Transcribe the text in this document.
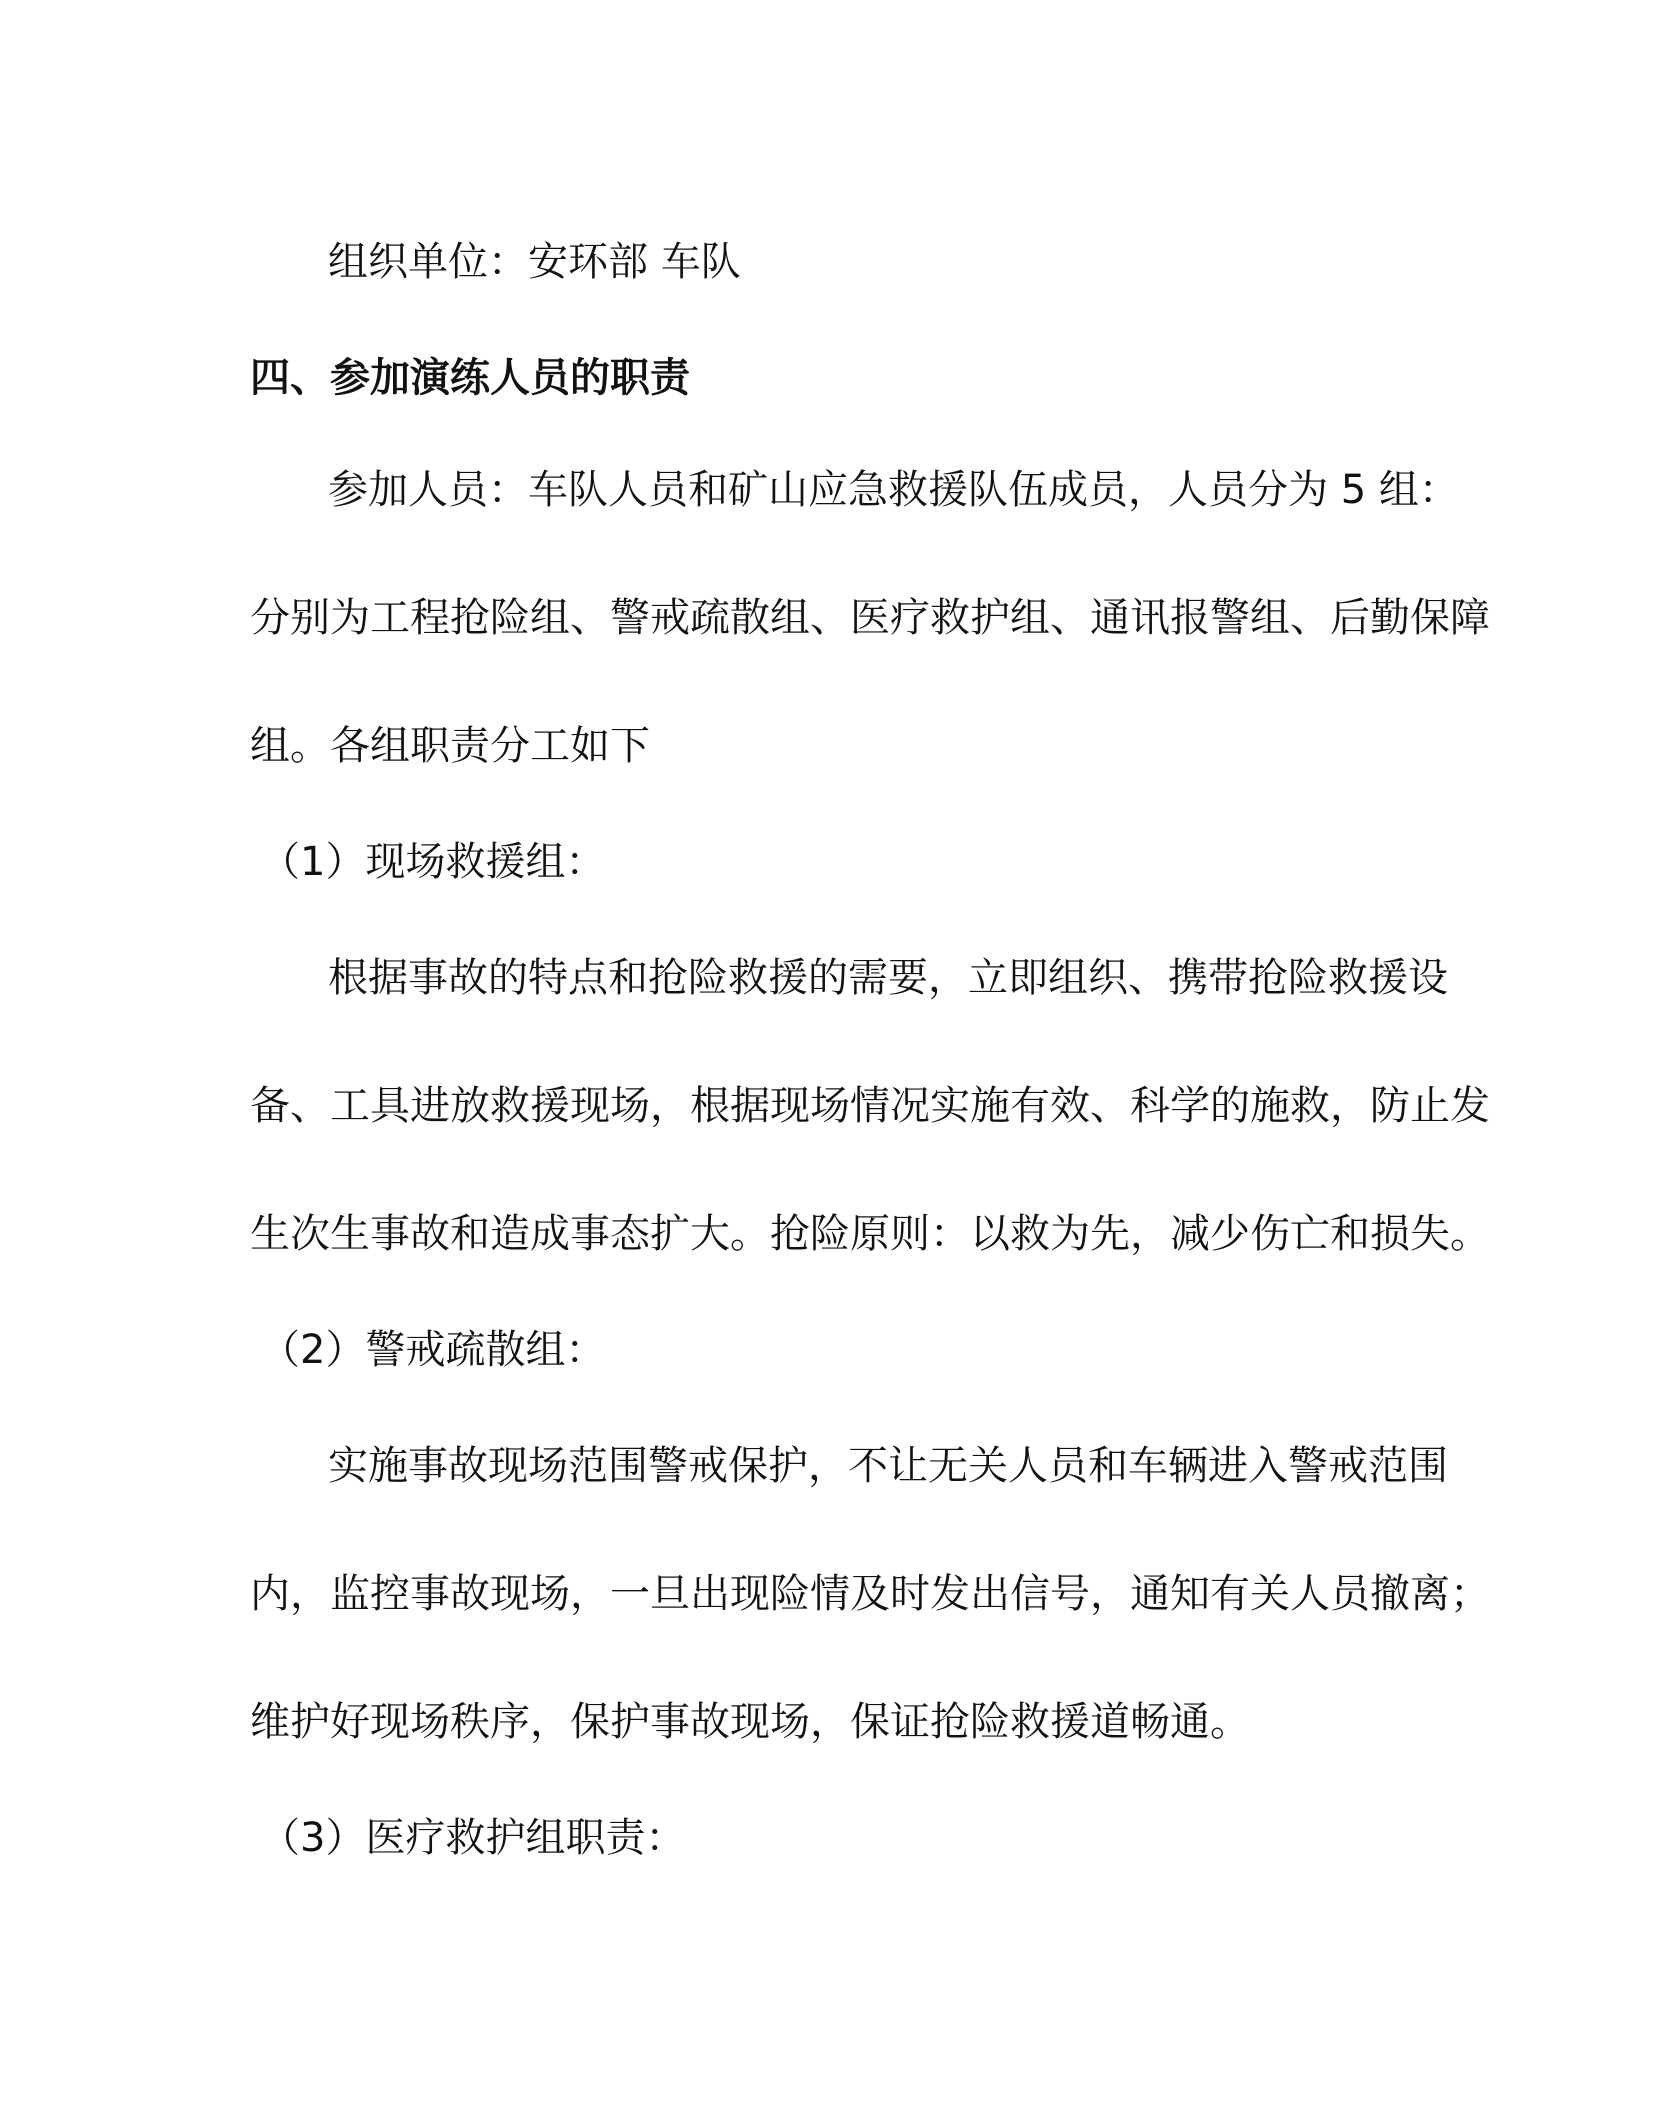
组织单位：安环部 车队

四、参加演练人员的职责

参加人员：车队人员和矿山应急救援队伍成员，人员分为 5 组：

分别为工程抢险组、警戒疏散组、医疗救护组、通讯报警组、后勤保障

组。各组职责分工如下

（1）现场救援组：

根据事故的特点和抢险救援的需要，立即组织、携带抢险救援设

备、工具进放救援现场，根据现场情况实施有效、科学的施救，防止发

生次生事故和造成事态扩大。抢险原则：以救为先，减少伤亡和损失。

（2）警戒疏散组：

实施事故现场范围警戒保护，不让无关人员和车辆进入警戒范围

内，监控事故现场，一旦出现险情及时发出信号，通知有关人员撤离；

维护好现场秩序，保护事故现场，保证抢险救援道畅通。

（3）医疗救护组职责：
